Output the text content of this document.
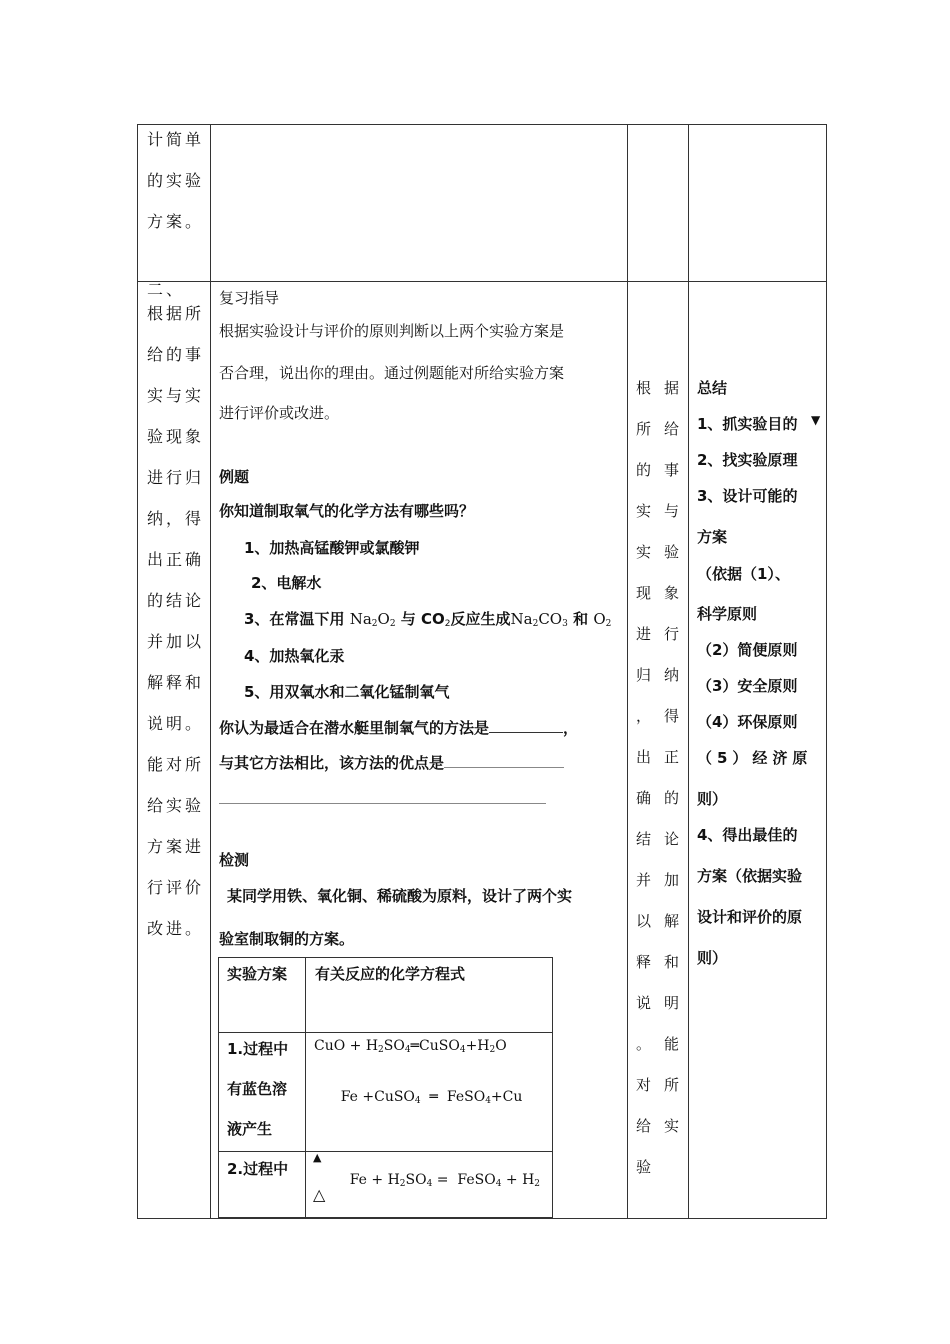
计简单
的实验
方案。
二、
根据所
给的事
实与实
验现象
进行归
纳，得
出正确
的结论
并加以
解释和
说明。
能对所
给实验
方案进
行评价
改进。
复习指导
根据实验设计与评价的原则判断以上两个实验方案是
否合理，说出你的理由。通过例题能对所给实验方案
进行评价或改进。
例题
你知道制取氧气的化学方法有哪些吗？
1、加热高锰酸钾或氯酸钾
2、电解水
3、在常温下用 $Na_2O_2$ 与 $CO_2$反应生成$Na_2CO_3$ 和 $O_2$
4、加热氧化汞
5、用双氧水和二氧化锰制氧气
你认为最适合在潜水艇里制氧气的方法是	，
与其它方法相比，该方法的优点是
检测
某同学用铁、氧化铜、稀硫酸为原料，设计了两个实
验室制取铜的方案。
实验方案 有关反应的化学方程式
1.过程中
有蓝色溶
液产生
CuO + $H_2SO_4═CuSO_4+H_2O$

Fe +CuSO$_4$  ═  FeSO$_4$+Cu

2.过程中
▲

$Fe + H_2SO_4$ =  FeSO$_4$ + $H_2$

△
根 据
所 给
的 事
实 与
实 验
现 象
进 行
归 纳
， 得
出 正
确 的
结 论
并 加
以 解
释 和
说 明
。 能
对 所
给 实
验
总结
1、抓实验目的 ▼
2、找实验原理
3、设计可能的
方案
（依据（1）、
科学原则
（2）简便原则
（3）安全原则
（4）环保原则
（5）经济原
则）
4、得出最佳的
方案（依据实验
设计和评价的原
则）
